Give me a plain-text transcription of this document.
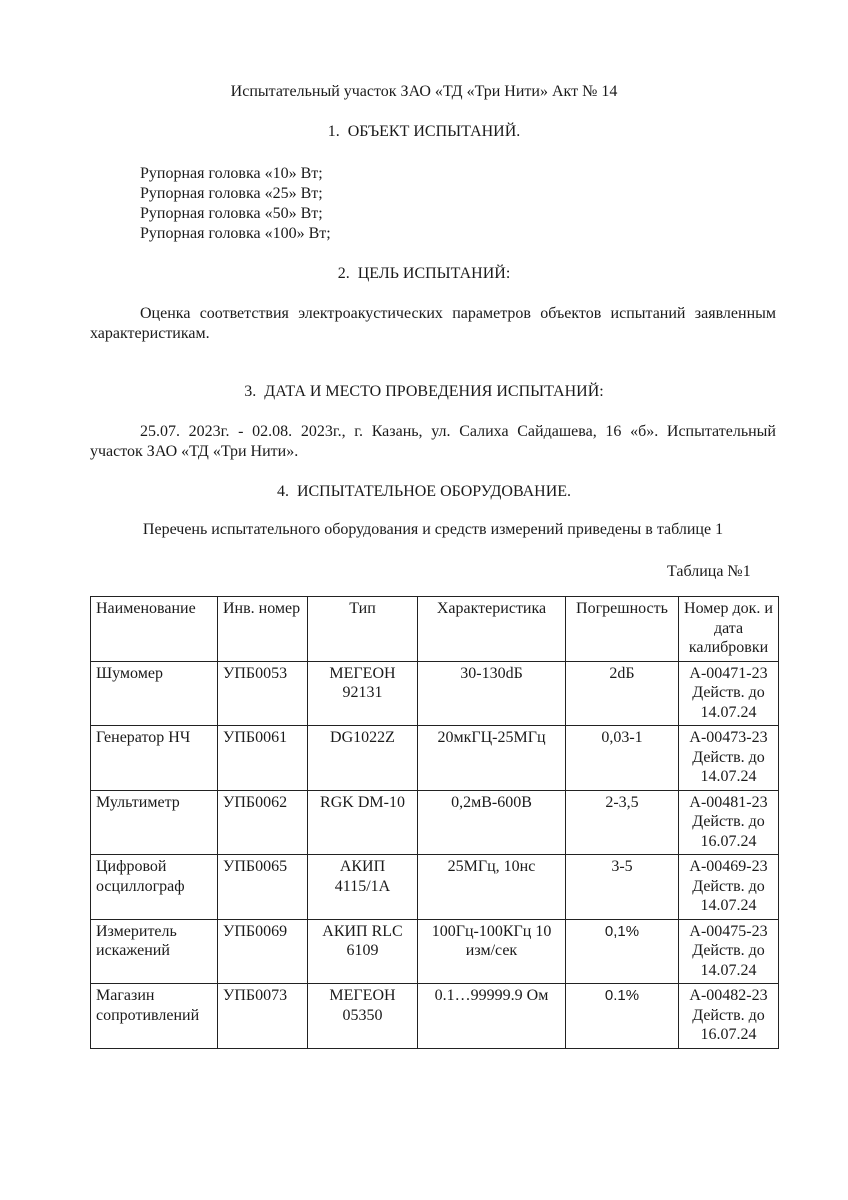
Испытательный участок ЗАО «ТД «Три Нити» Акт № 14
1.  ОБЪЕКТ ИСПЫТАНИЙ.
Рупорная головка «10» Вт;
Рупорная головка «25» Вт;
Рупорная головка «50» Вт;
Рупорная головка «100» Вт;
2.  ЦЕЛЬ ИСПЫТАНИЙ:
Оценка соответствия электроакустических параметров объектов испытаний заявленным характеристикам.
3.  ДАТА И МЕСТО ПРОВЕДЕНИЯ ИСПЫТАНИЙ:
25.07. 2023г. - 02.08. 2023г., г. Казань, ул. Салиха Сайдашева, 16 «б». Испытательный участок ЗАО «ТД «Три Нити».
4.  ИСПЫТАТЕЛЬНОЕ ОБОРУДОВАНИЕ.
Перечень испытательного оборудования и средств измерений приведены в таблице 1
Таблица №1
Наименование	Инв. номер	Тип	Характеристика	Погрешность	Номер док. и дата калибровки
Шумомер	УПБ0053	МЕГЕОН 92131	30-130dБ	2dБ	А-00471-23 Действ. до 14.07.24
Генератор НЧ	УПБ0061	DG1022Z	20мкГЦ-25МГц	0,03-1	А-00473-23 Действ. до 14.07.24
Мультиметр	УПБ0062	RGK DM-10	0,2мВ-600В	2-3,5	А-00481-23 Действ. до 16.07.24
Цифровой осциллограф	УПБ0065	АКИП 4115/1А	25МГц, 10нс	3-5	А-00469-23 Действ. до 14.07.24
Измеритель искажений	УПБ0069	АКИП RLC 6109	100Гц-100КГц 10 изм/сек	0,1%	А-00475-23 Действ. до 14.07.24
Магазин сопротивлений	УПБ0073	МЕГЕОН 05350	0.1…99999.9 Ом	0.1%	А-00482-23 Действ. до 16.07.24
